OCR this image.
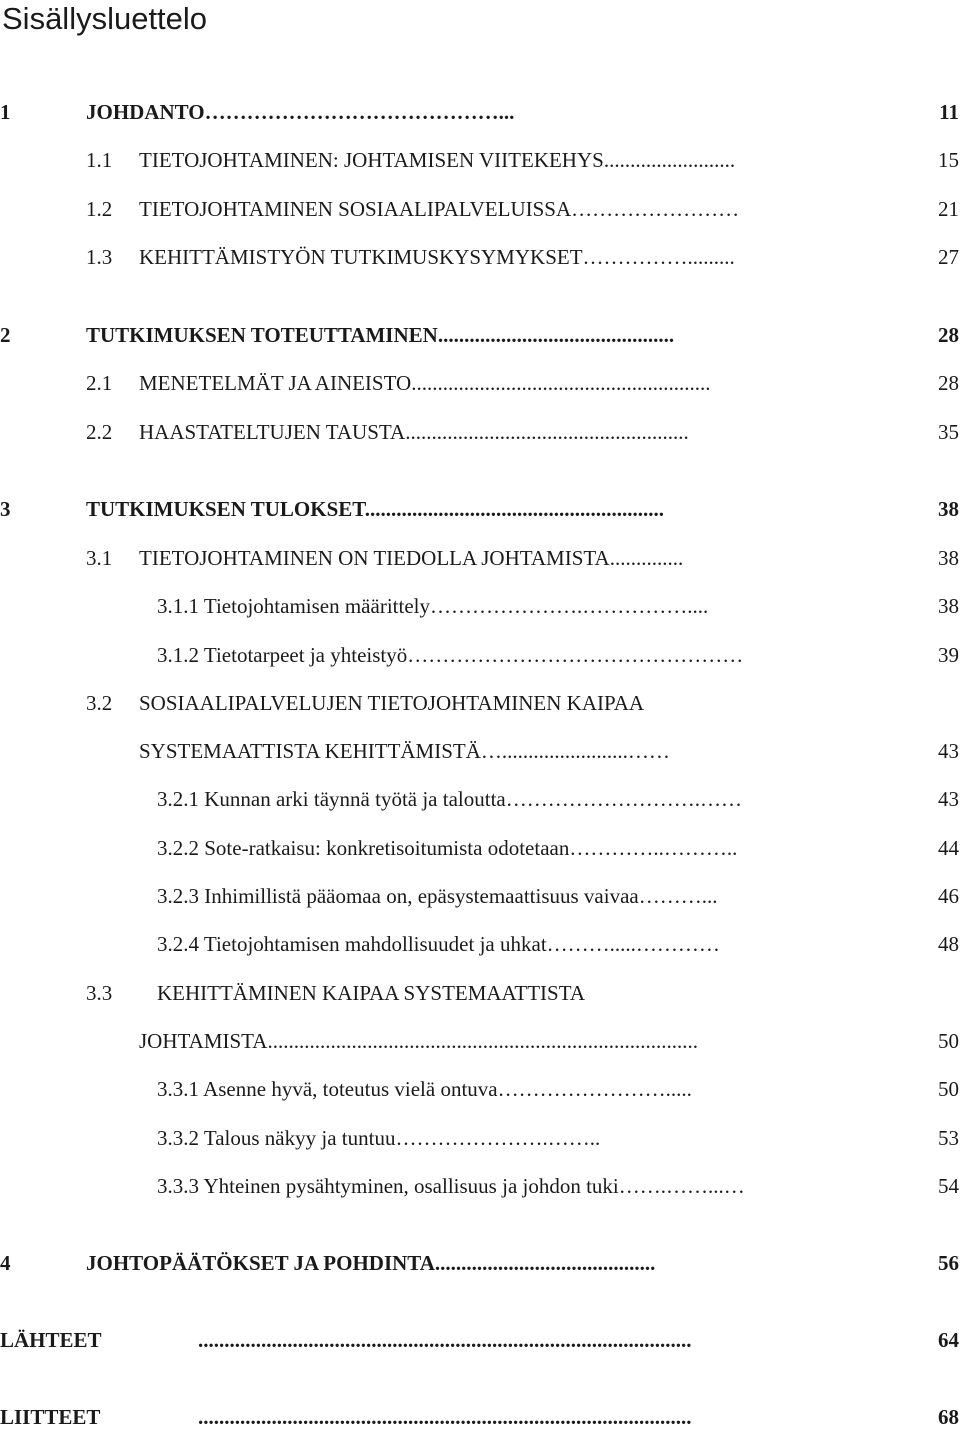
Sisällysluettelo
1	JOHDANTO……………………………………...	11
1.1 TIETOJOHTAMINEN: JOHTAMISEN VIITEKEHYS.........................	15
1.2 TIETOJOHTAMINEN SOSIAALIPALVELUISSA……………………	21
1.3 KEHITTÄMISTYÖN TUTKIMUSKYSYMYKSET…………….........	27
2	TUTKIMUKSEN TOTEUTTAMINEN.............................................	28
2.1 MENETELMÄT JA AINEISTO.........................................................	28
2.2 HAASTATELTUJEN TAUSTA......................................................	35
3	TUTKIMUKSEN TULOKSET.........................................................	38
3.1 TIETOJOHTAMINEN ON TIEDOLLA JOHTAMISTA..............	38
3.1.1 Tietojohtamisen määrittely………………….……………....	38
3.1.2 Tietotarpeet ja yhteistyö…………………………………………	39
3.2 SOSIAALIPALVELUJEN TIETOJOHTAMINEN KAIPAA
SYSTEMAATTISTA KEHITTÄMISTÄ…........................……	43
3.2.1 Kunnan arki täynnä työtä ja taloutta……………………….……	43
3.2.2 Sote-ratkaisu: konkretisoitumista odotetaan…………..………..	44
3.2.3 Inhimillistä pääomaa on, epäsystemaattisuus vaivaa………...	46
3.2.4 Tietojohtamisen mahdollisuudet ja uhkat……….....…………	48
3.3 KEHITTÄMINEN KAIPAA SYSTEMAATTISTA
JOHTAMISTA..................................................................................	50
3.3.1 Asenne hyvä, toteutus vielä ontuva…………………….....	50
3.3.2 Talous näkyy ja tuntuu………………….……..	53
3.3.3 Yhteinen pysähtyminen, osallisuus ja johdon tuki…….……...…	54
4	JOHTOPÄÄTÖKSET JA POHDINTA..........................................	56
LÄHTEET	..............................................................................................	64
LIITTEET	..............................................................................................	68
